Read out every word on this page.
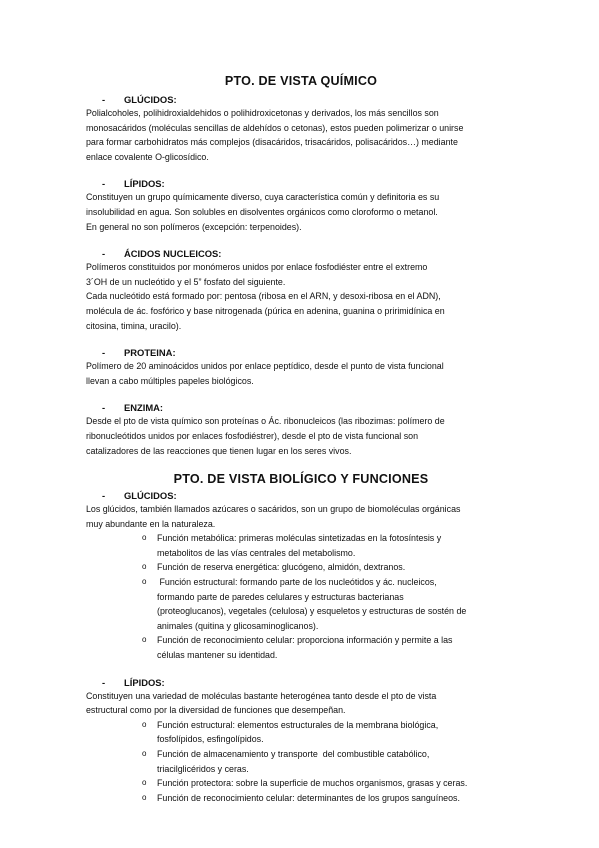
PTO. DE VISTA QUÍMICO
- GLÚCIDOS:
Polialcoholes, polihidroxialdehidos o polihidroxicetonas y derivados, los más sencillos son
monosacáridos (moléculas sencillas de aldehídos o cetonas), estos pueden polimerizar o unirse
para formar carbohidratos más complejos (disacáridos, trisacáridos, polisacáridos…) mediante
enlace covalente O-glicosídico.
- LÍPIDOS:
Constituyen un grupo químicamente diverso, cuya característica común y definitoria es su
insolubilidad en agua. Son solubles en disolventes orgánicos como cloroformo o metanol.
En general no son polímeros (excepción: terpenoides).
- ÁCIDOS NUCLEICOS:
Polímeros constituidos por monómeros unidos por enlace fosfodiéster entre el extremo
3´OH de un nucleótido y el 5” fosfato del siguiente.
Cada nucleótido está formado por: pentosa (ribosa en el ARN, y desoxi-ribosa en el ADN),
molécula de ác. fosfórico y base nitrogenada (púrica en adenina, guanina o pririmidínica en
citosina, timina, uracilo).
- PROTEINA:
Polímero de 20 aminoácidos unidos por enlace peptídico, desde el punto de vista funcional
llevan a cabo múltiples papeles biológicos.
- ENZIMA:
Desde el pto de vista químico son proteínas o Ác. ribonucleicos (las ribozimas: polímero de
ribonucleótidos unidos por enlaces fosfodiéstrer), desde el pto de vista funcional son
catalizadores de las reacciones que tienen lugar en los seres vivos.
PTO. DE VISTA BIOLÍGICO Y FUNCIONES
- GLÚCIDOS:
Los glúcidos, también llamados azúcares o sacáridos, son un grupo de biomoléculas orgánicas
muy abundante en la naturaleza.
o Función metabólica: primeras moléculas sintetizadas en la fotosíntesis y
metabolitos de las vías centrales del metabolismo.
o Función de reserva energética: glucógeno, almidón, dextranos.
o Función estructural: formando parte de los nucleótidos y ác. nucleicos,
formando parte de paredes celulares y estructuras bacterianas
(proteoglucanos), vegetales (celulosa) y esqueletos y estructuras de sostén de
animales (quitina y glicosaminoglicanos).
o Función de reconocimiento celular: proporciona información y permite a las
células mantener su identidad.
- LÍPIDOS:
Constituyen una variedad de moléculas bastante heterogénea tanto desde el pto de vista
estructural como por la diversidad de funciones que desempeñan.
o Función estructural: elementos estructurales de la membrana biológica,
fosfolípidos, esfingolípidos.
o Función de almacenamiento y transporte  del combustible catabólico,
triacilglicéridos y ceras.
o Función protectora: sobre la superficie de muchos organismos, grasas y ceras.
o Función de reconocimiento celular: determinantes de los grupos sanguíneos.
